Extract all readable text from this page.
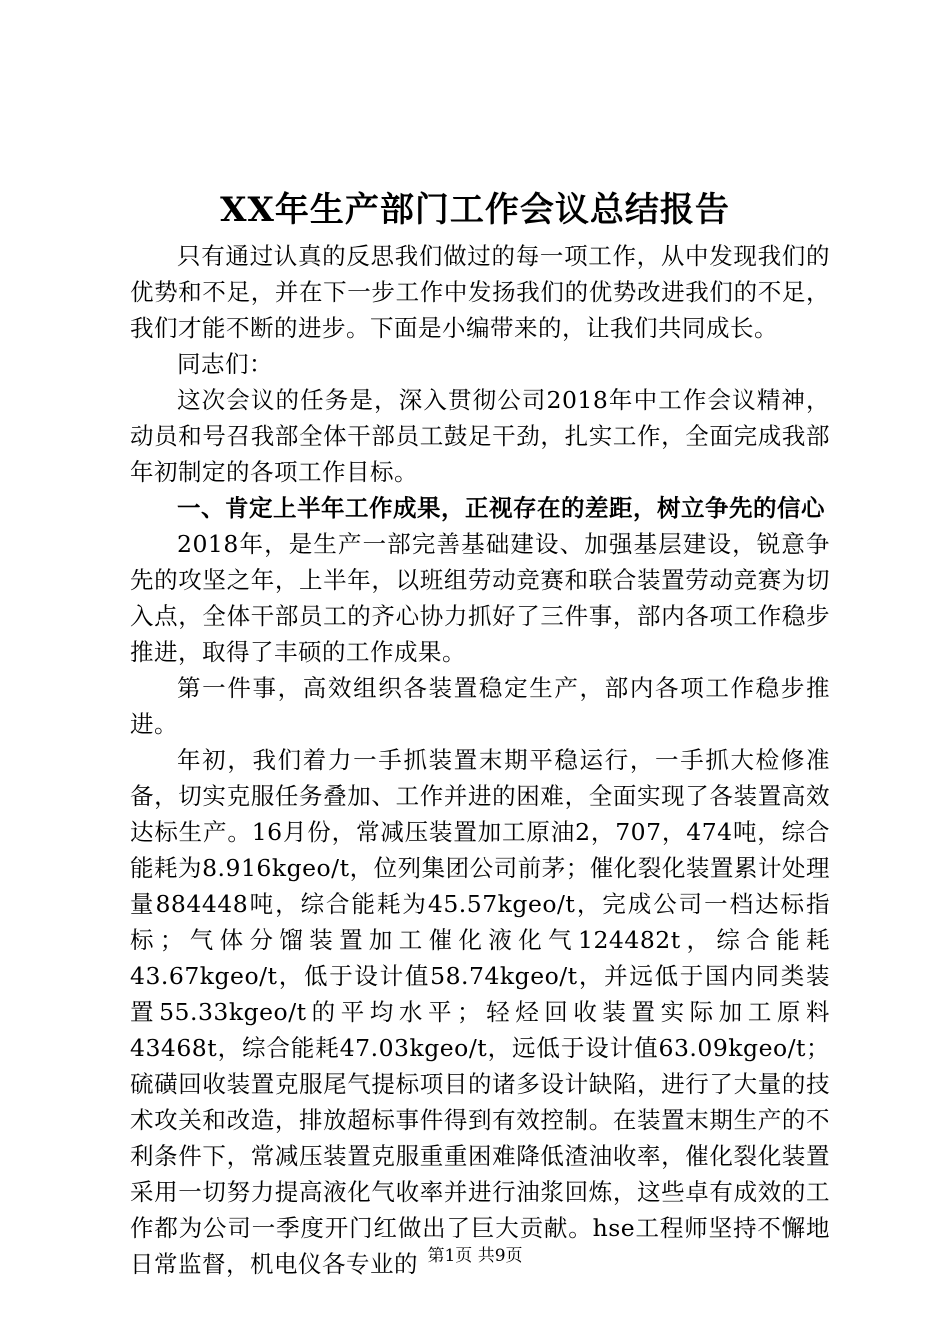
XX年生产部门工作会议总结报告

只有通过认真的反思我们做过的每一项工作，从中发现我们的优势和不足，并在下一步工作中发扬我们的优势改进我们的不足，我们才能不断的进步。下面是小编带来的，让我们共同成长。

同志们：

这次会议的任务是，深入贯彻公司2018年中工作会议精神，动员和号召我部全体干部员工鼓足干劲，扎实工作，全面完成我部年初制定的各项工作目标。

一、肯定上半年工作成果，正视存在的差距，树立争先的信心

2018年，是生产一部完善基础建设、加强基层建设，锐意争先的攻坚之年，上半年，以班组劳动竞赛和联合装置劳动竞赛为切入点，全体干部员工的齐心协力抓好了三件事，部内各项工作稳步推进，取得了丰硕的工作成果。

第一件事，高效组织各装置稳定生产，部内各项工作稳步推进。

年初，我们着力一手抓装置末期平稳运行，一手抓大检修准备，切实克服任务叠加、工作并进的困难，全面实现了各装置高效达标生产。16月份，常减压装置加工原油2，707，474吨，综合能耗为8.916kgeo/t，位列集团公司前茅；催化裂化装置累计处理量884448吨，综合能耗为45.57kgeo/t，完成公司一档达标指标；气体分馏装置加工催化液化气124482t，综合能耗43.67kgeo/t，低于设计值58.74kgeo/t，并远低于国内同类装置55.33kgeo/t的平均水平；轻烃回收装置实际加工原料43468t，综合能耗47.03kgeo/t，远低于设计值63.09kgeo/t；硫磺回收装置克服尾气提标项目的诸多设计缺陷，进行了大量的技术攻关和改造，排放超标事件得到有效控制。在装置末期生产的不利条件下，常减压装置克服重重困难降低渣油收率，催化裂化装置采用一切努力提高液化气收率并进行油浆回炼，这些卓有成效的工作都为公司一季度开门红做出了巨大贡献。hse工程师坚持不懈地日常监督，机电仪各专业的 第1页 共9页
